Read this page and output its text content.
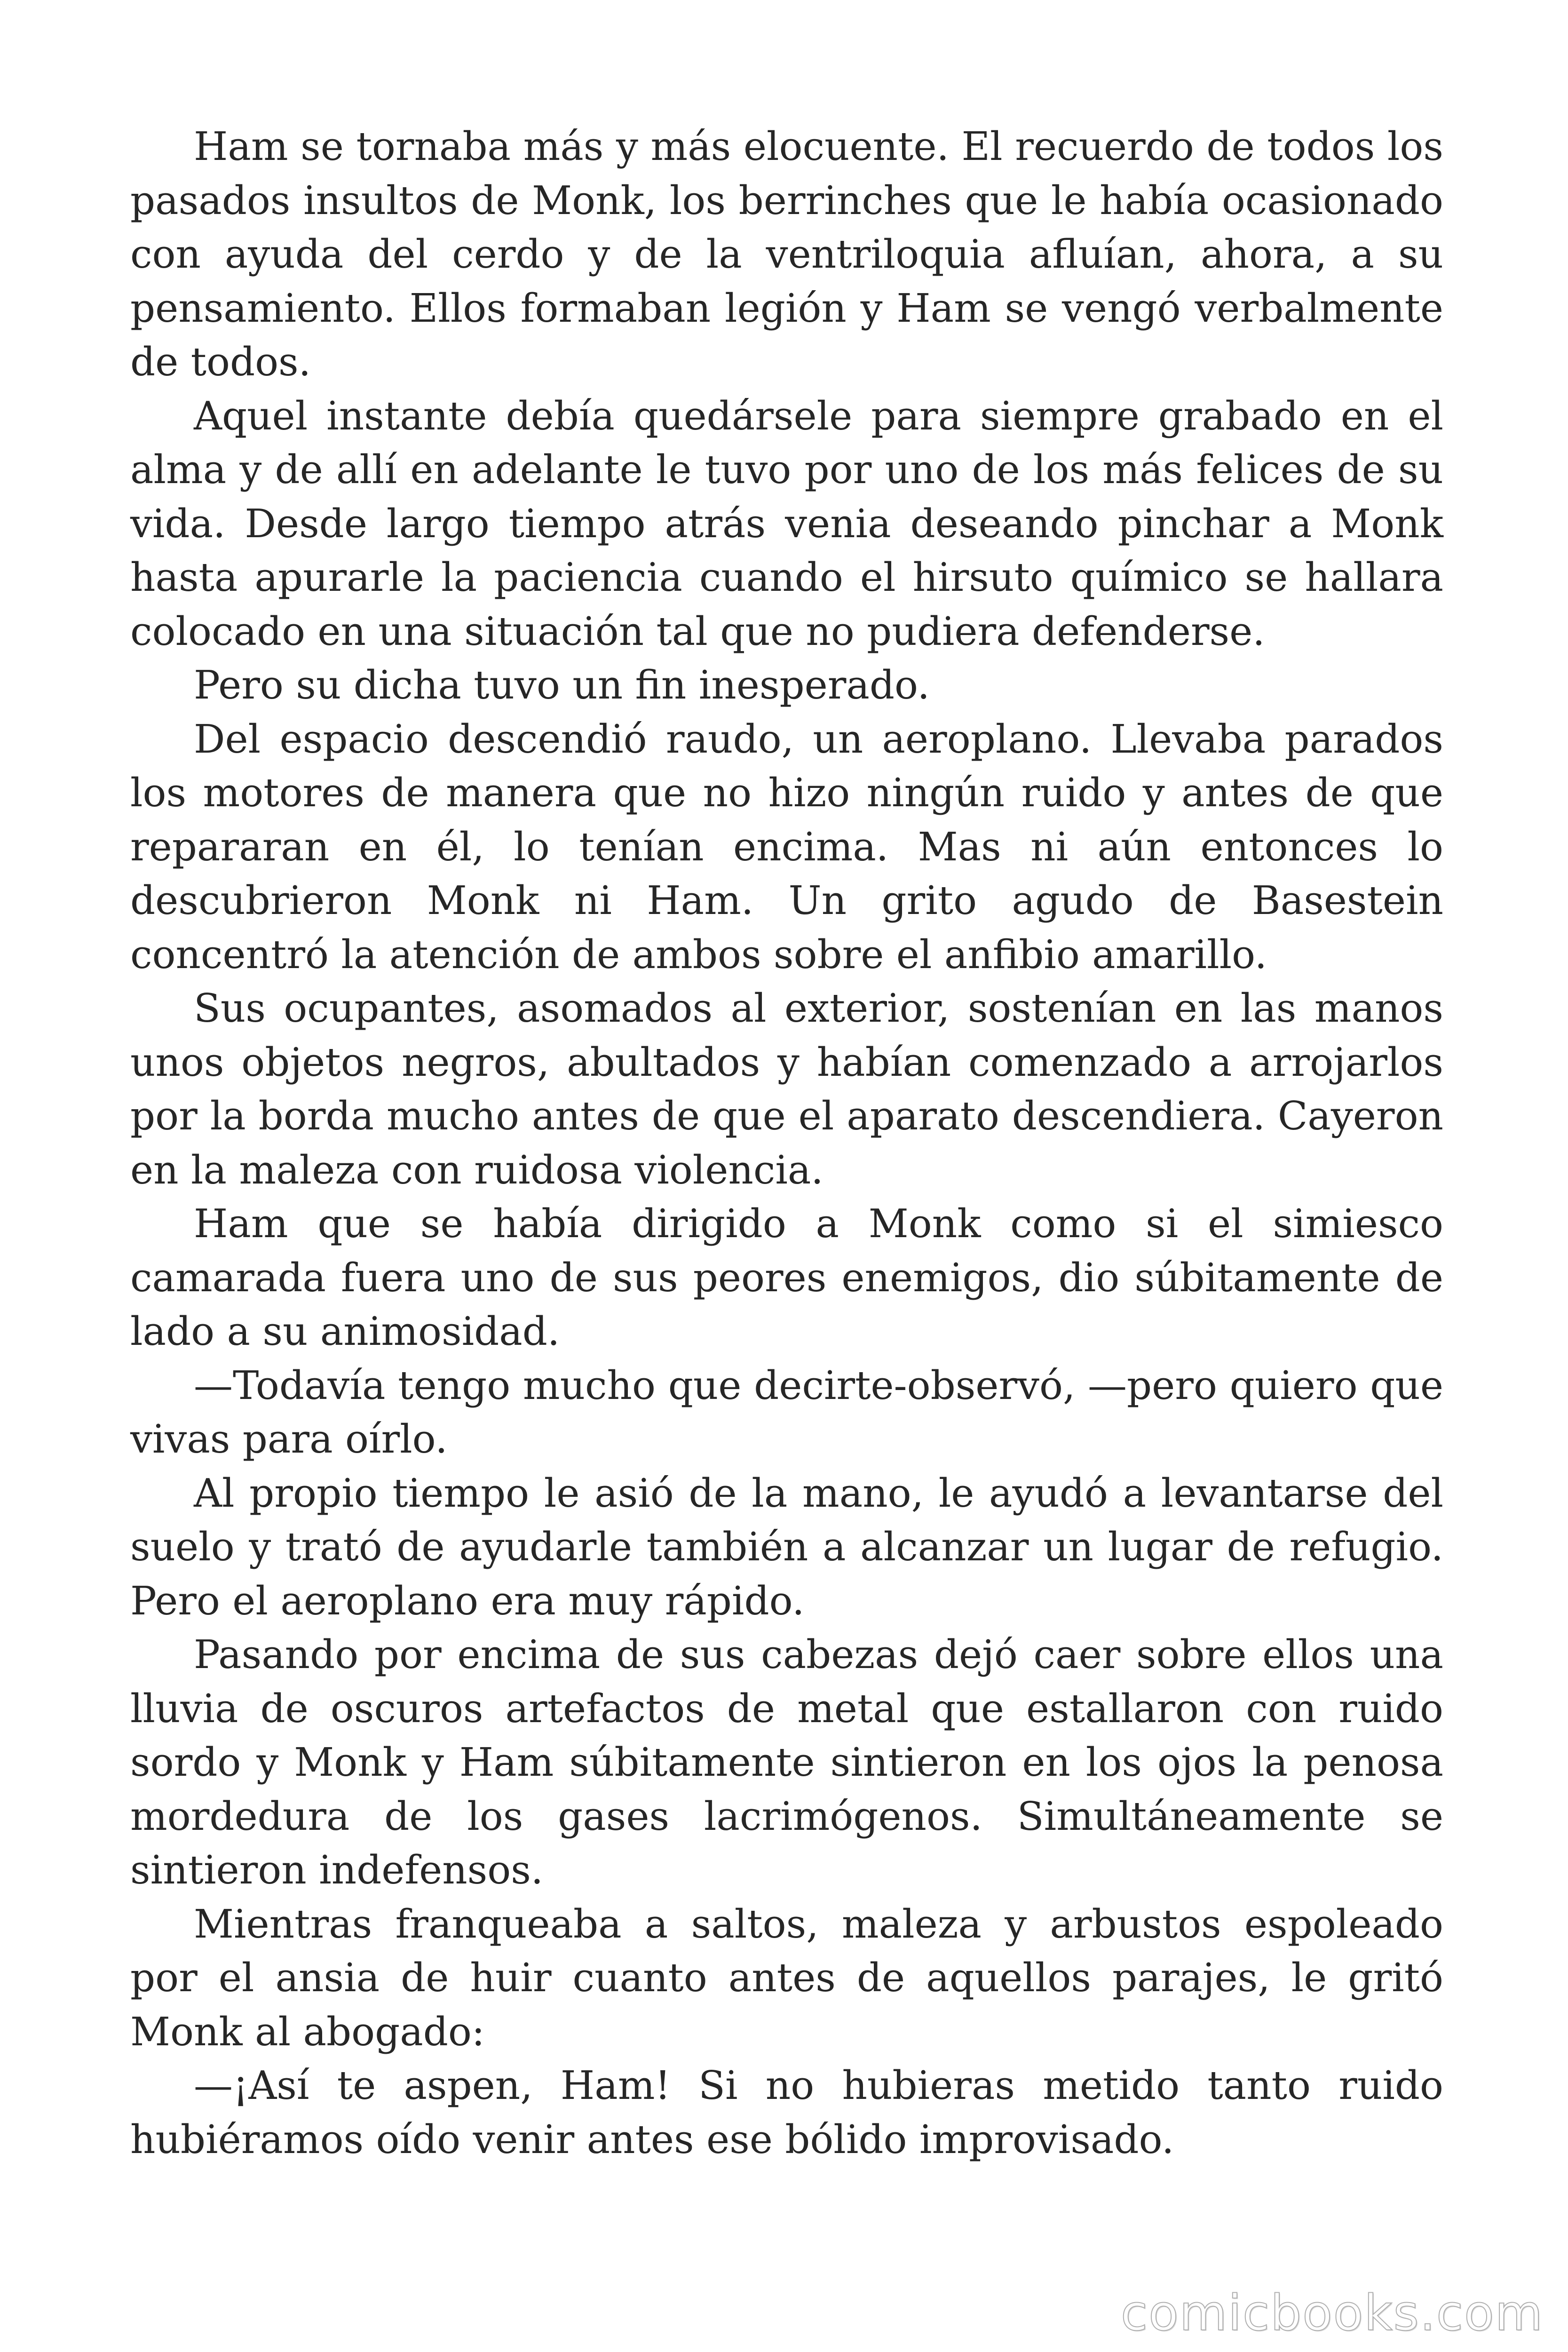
Ham se tornaba más y más elocuente. El recuerdo de todos los pasados insultos de Monk, los berrinches que le había ocasionado con ayuda del cerdo y de la ventriloquia afluían, ahora, a su pensamiento. Ellos formaban legión y Ham se vengó verbalmente de todos.

Aquel instante debía quedársele para siempre grabado en el alma y de allí en adelante le tuvo por uno de los más felices de su vida. Desde largo tiempo atrás venia deseando pinchar a Monk hasta apurarle la paciencia cuando el hirsuto químico se hallara colocado en una situación tal que no pudiera defenderse.

Pero su dicha tuvo un fin inesperado.

Del espacio descendió raudo, un aeroplano. Llevaba parados los motores de manera que no hizo ningún ruido y antes de que repararan en él, lo tenían encima. Mas ni aún entonces lo descubrieron Monk ni Ham. Un grito agudo de Basestein concentró la atención de ambos sobre el anfibio amarillo.

Sus ocupantes, asomados al exterior, sostenían en las manos unos objetos negros, abultados y habían comenzado a arrojarlos por la borda mucho antes de que el aparato descendiera. Cayeron en la maleza con ruidosa violencia.

Ham que se había dirigido a Monk como si el simiesco camarada fuera uno de sus peores enemigos, dio súbitamente de lado a su animosidad.

—Todavía tengo mucho que decirte-observó, —pero quiero que vivas para oírlo.

Al propio tiempo le asió de la mano, le ayudó a levantarse del suelo y trató de ayudarle también a alcanzar un lugar de refugio. Pero el aeroplano era muy rápido.

Pasando por encima de sus cabezas dejó caer sobre ellos una lluvia de oscuros artefactos de metal que estallaron con ruido sordo y Monk y Ham súbitamente sintieron en los ojos la penosa mordedura de los gases lacrimógenos. Simultáneamente se sintieron indefensos.

Mientras franqueaba a saltos, maleza y arbustos espoleado por el ansia de huir cuanto antes de aquellos parajes, le gritó Monk al abogado:

—¡Así te aspen, Ham! Si no hubieras metido tanto ruido hubiéramos oído venir antes ese bólido improvisado.

comicbooks.com
